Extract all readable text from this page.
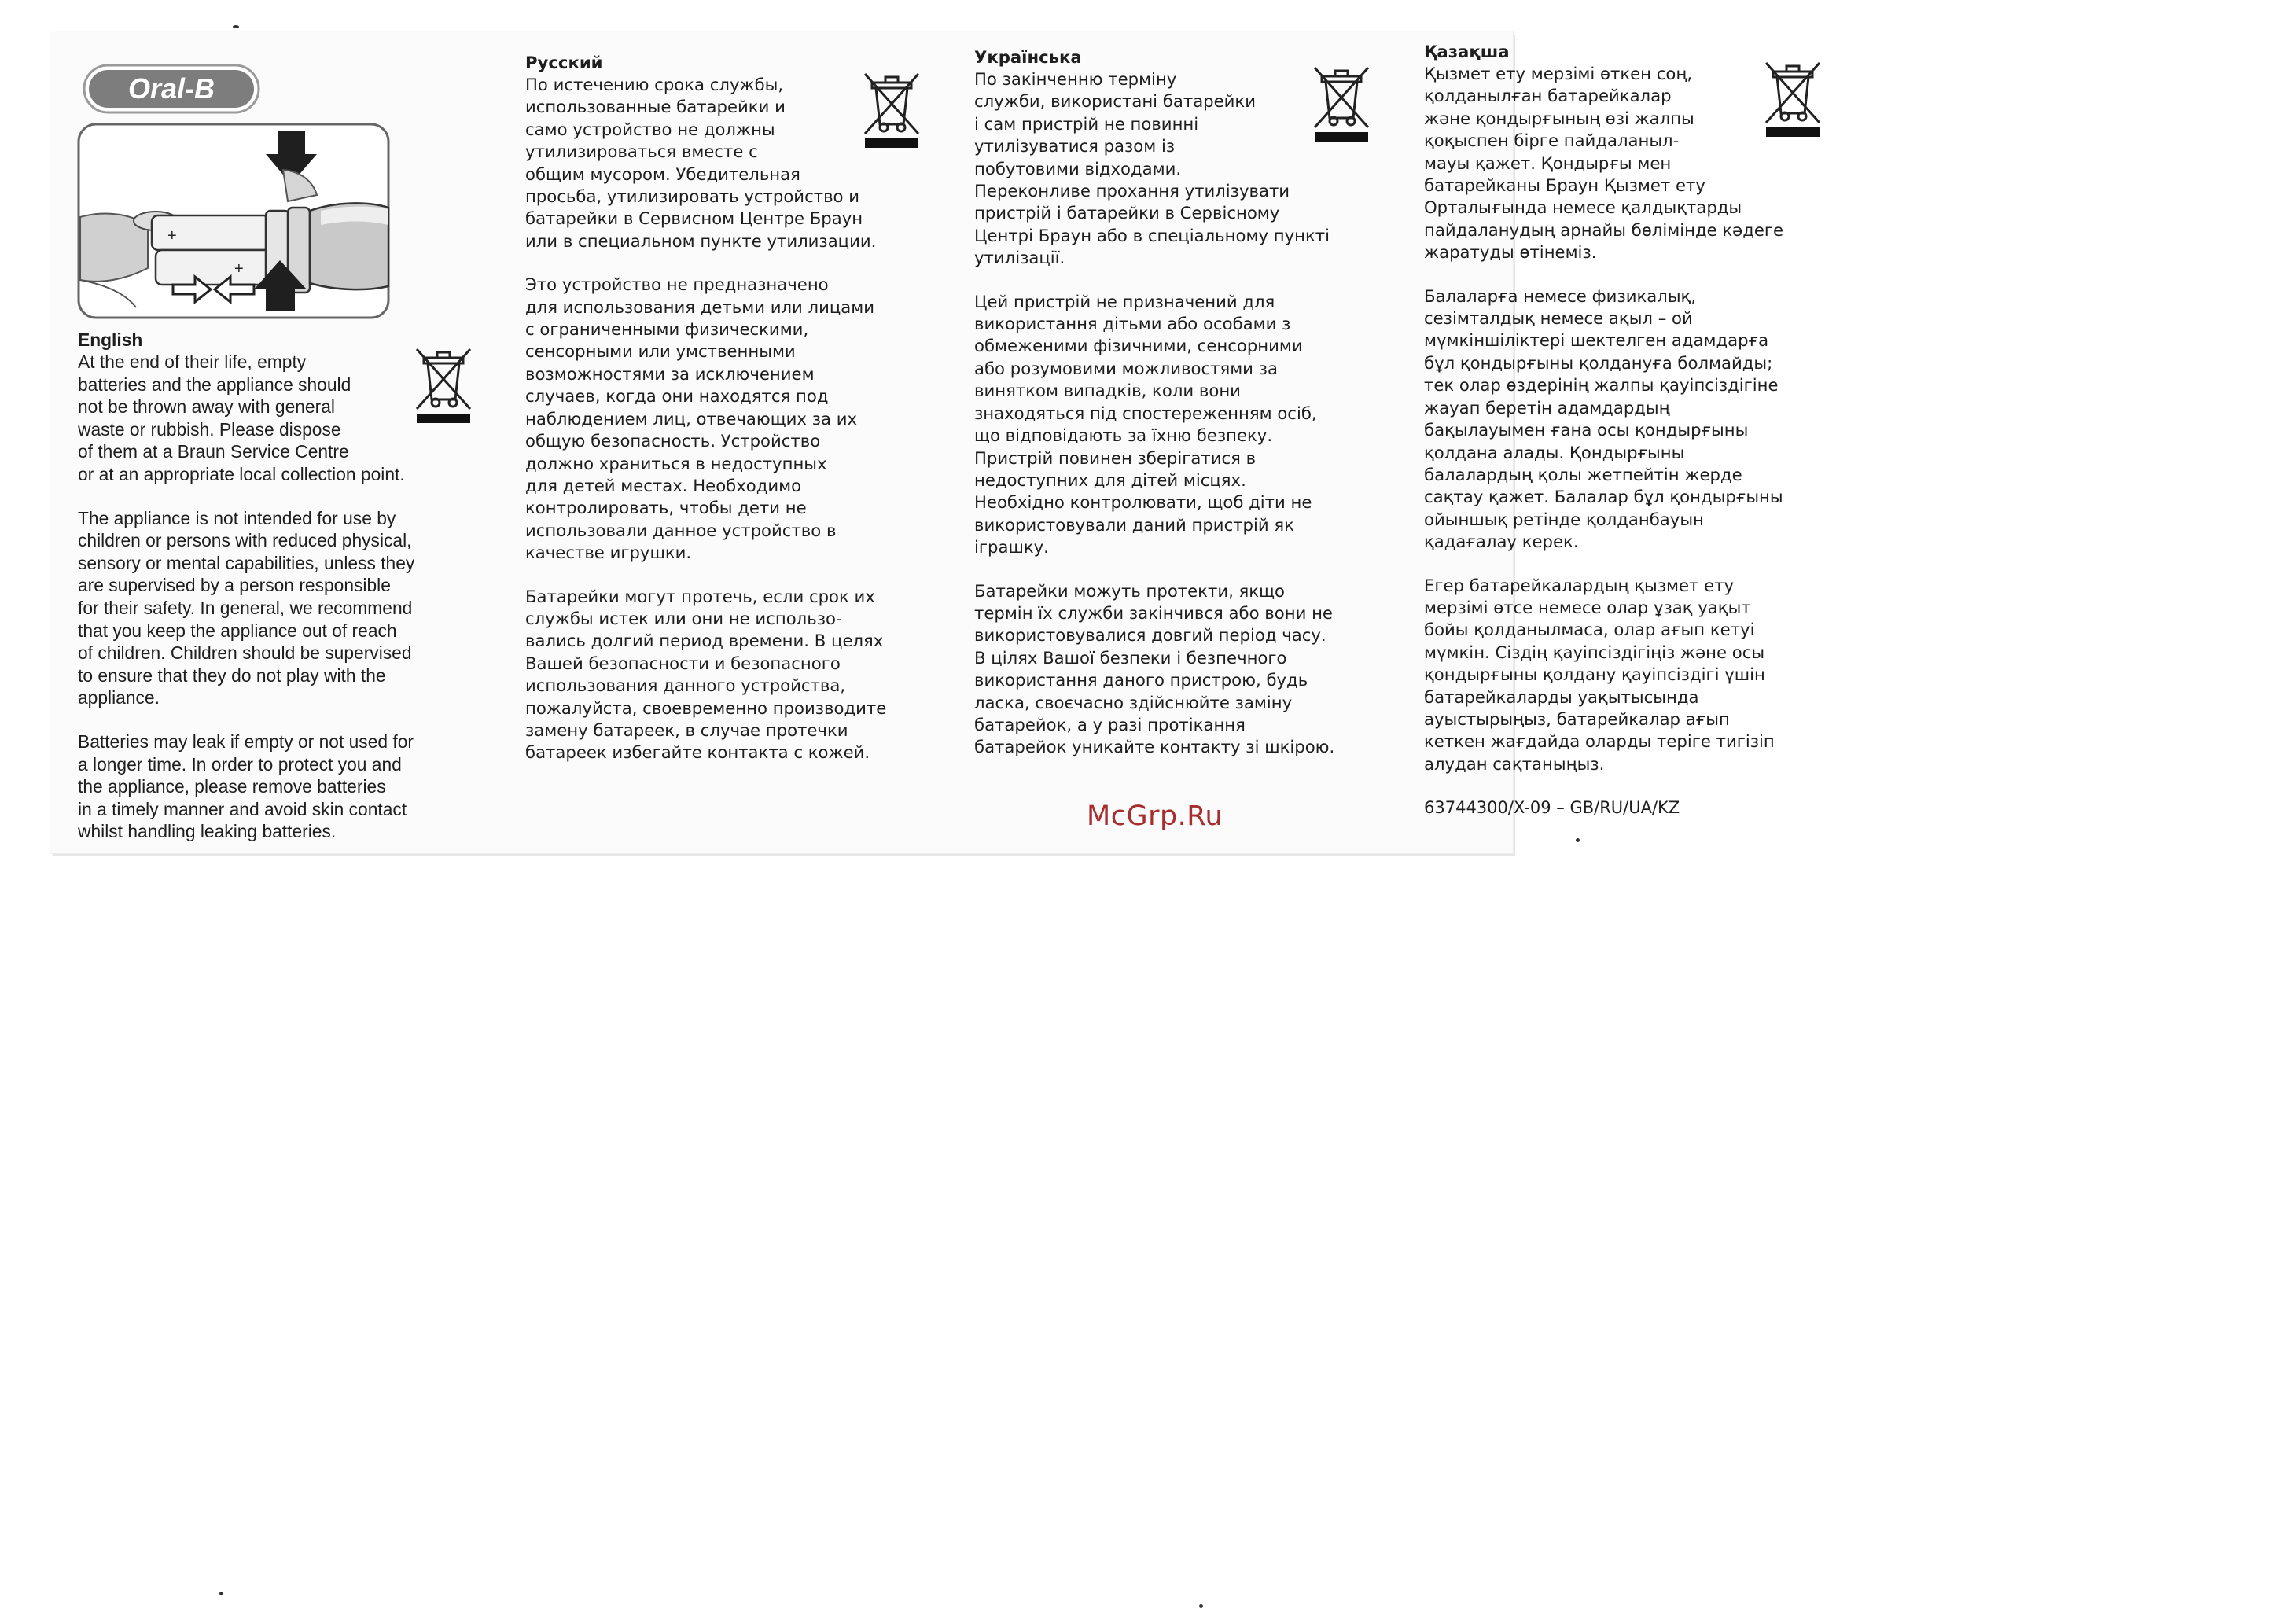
Oral-B
+
+
English

At the end of their life, empty
batteries and the appliance should
not be thrown away with general
waste or rubbish. Please dispose
of them at a Braun Service Centre
or at an appropriate local collection point.

The appliance is not intended for use by
children or persons with reduced physical,
sensory or mental capabilities, unless they
are supervised by a person responsible
for their safety. In general, we recommend
that you keep the appliance out of reach
of children. Children should be supervised
to ensure that they do not play with the
appliance.

Batteries may leak if empty or not used for
a longer time. In order to protect you and
the appliance, please remove batteries
in a timely manner and avoid skin contact
whilst handling leaking batteries.

Русский

По истечению срока службы,
использованные батарейки и
само устройство не должны
утилизироваться вместе с
общим мусором. Убедительная
просьба, утилизировать устройство и
батарейки в Сервисном Центре Браун
или в специальном пункте утилизации.

Это устройство не предназначено
для использования детьми или лицами
с ограниченными физическими,
сенсорными или умственными
возможностями за исключением
случаев, когда они находятся под
наблюдением лиц, отвечающих за их
общую безопасность. Устройство
должно храниться в недоступных
для детей местах. Необходимо
контролировать, чтобы дети не
использовали данное устройство в
качестве игрушки.

Батарейки могут протечь, если срок их
службы истек или они не использо-
вались долгий период времени. В целях
Вашей безопасности и безопасного
использования данного устройства,
пожалуйста, своевременно производите
замену батареек, в случае протечки
батареек избегайте контакта с кожей.

Українська

По закінченню терміну
служби, використані батарейки
і сам пристрій не повинні
утилізуватися разом із
побутовими відходами.
Переконливе прохання утилізувати
пристрій і батарейки в Сервісному
Центрі Браун або в спеціальному пункті
утилізації.

Цей пристрій не призначений для
використання дітьми або особами з
обмеженими фізичними, сенсорними
або розумовими можливостями за
винятком випадків, коли вони
знаходяться під спостереженням осіб,
що відповідають за їхню безпеку.
Пристрій повинен зберігатися в
недоступних для дітей місцях.
Необхідно контролювати, щоб діти не
використовували даний пристрій як
іграшку.

Батарейки можуть протекти, якщо
термін їх служби закінчився або вони не
використовувалися довгий період часу.
В цілях Вашої безпеки і безпечного
використання даного пристрою, будь
ласка, своєчасно здійснюйте заміну
батарейок, а у разі протікання
батарейок уникайте контакту зі шкірою.

Қазақша

Қызмет ету мерзімі өткен соң,
қолданылған батарейкалар
және қондырғының өзі жалпы
қоқыспен бірге пайдаланыл-
мауы қажет. Қондырғы мен
батарейканы Браун Қызмет ету
Орталығында немесе қалдықтарды
пайдаланудың арнайы бөлімінде кәдеге
жаратуды өтінеміз.

Балаларға немесе физикалық,
сезімталдық немесе ақыл – ой
мүмкіншіліктері шектелген адамдарға
бұл қондырғыны қолдануға болмайды;
тек олар өздерінің жалпы қауіпсіздігіне
жауап беретін адамдардың
бақылауымен ғана осы қондырғыны
қолдана алады. Қондырғыны
балалардың қолы жетпейтін жерде
сақтау қажет. Балалар бұл қондырғыны
ойыншық ретінде қолданбауын
қадағалау керек.

Егер батарейкалардың қызмет ету
мерзімі өтсе немесе олар ұзақ уақыт
бойы қолданылмаса, олар ағып кетуі
мүмкін. Сіздің қауіпсіздігіңіз және осы
қондырғыны қолдану қауіпсіздігі үшін
батарейкаларды уақытысында
ауыстырыңыз, батарейкалар ағып
кеткен жағдайда оларды теріге тигізіп
алудан сақтаныңыз.

63744300/X-09 – GB/RU/UA/KZ

McGrp.Ru
